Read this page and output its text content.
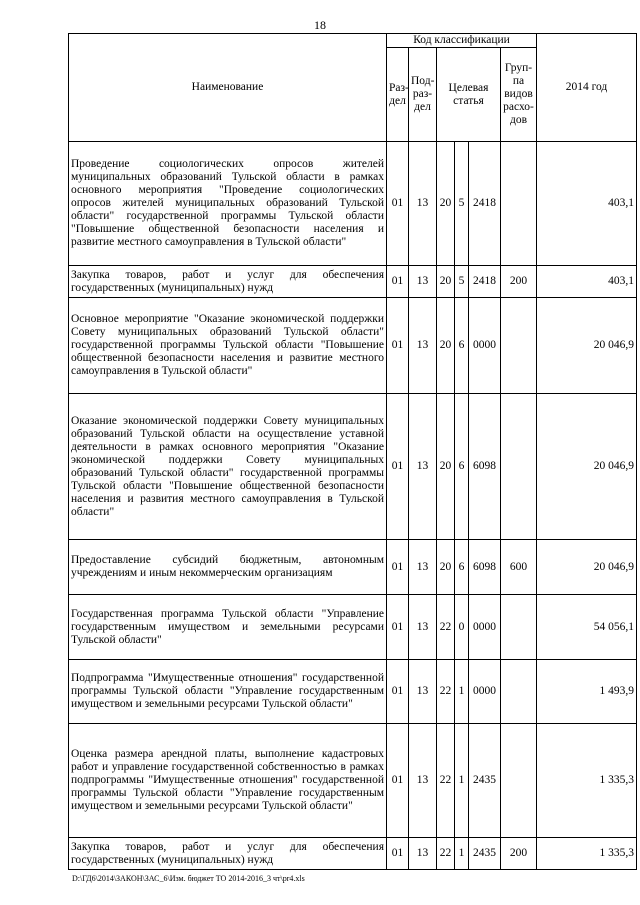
18
Наименование	Код классификации						2014 год
	Раз-дел	Под-раз-дел	Целевая статья			Груп-па видов расхо-дов	
Проведение социологических опросов жителей муниципальных образований Тульской области в рамках основного мероприятия "Проведение социологических опросов жителей муниципальных образований Тульской области" государственной программы Тульской области "Повышение общественной безопасности населения и развитие местного самоуправления в Тульской области"	01	13	20	5	2418		403,1
Закупка товаров, работ и услуг для обеспечения государственных (муниципальных) нужд	01	13	20	5	2418	200	403,1
Основное мероприятие "Оказание экономической поддержки Совету муниципальных образований Тульской области" государственной программы Тульской области "Повышение общественной безопасности населения и развитие местного самоуправления в Тульской области"	01	13	20	6	0000		20 046,9
Оказание экономической поддержки Совету муниципальных образований Тульской области на осуществление уставной деятельности в рамках основного мероприятия "Оказание экономической поддержки Совету муниципальных образований Тульской области" государственной программы Тульской области "Повышение общественной безопасности населения и развития местного самоуправления в Тульской области"	01	13	20	6	6098		20 046,9
Предоставление субсидий бюджетным, автономным учреждениям и иным некоммерческим организациям	01	13	20	6	6098	600	20 046,9
Государственная программа Тульской области "Управление государственным имуществом и земельными ресурсами Тульской области"	01	13	22	0	0000		54 056,1
Подпрограмма "Имущественные отношения" государственной программы Тульской области "Управление государственным имуществом и земельными ресурсами Тульской области"	01	13	22	1	0000		1 493,9
Оценка размера арендной платы, выполнение кадастровых работ и управление государственной собственностью в рамках подпрограммы "Имущественные отношения" государственной программы Тульской области "Управление государственным имуществом и земельными ресурсами Тульской области"	01	13	22	1	2435		1 335,3
Закупка товаров, работ и услуг для обеспечения государственных (муниципальных) нужд	01	13	22	1	2435	200	1 335,3
D:\ГД6\2014\ЗАКОН\ЗАС_6\Изм. бюджет ТО 2014-2016_3 чт\pr4.xls
